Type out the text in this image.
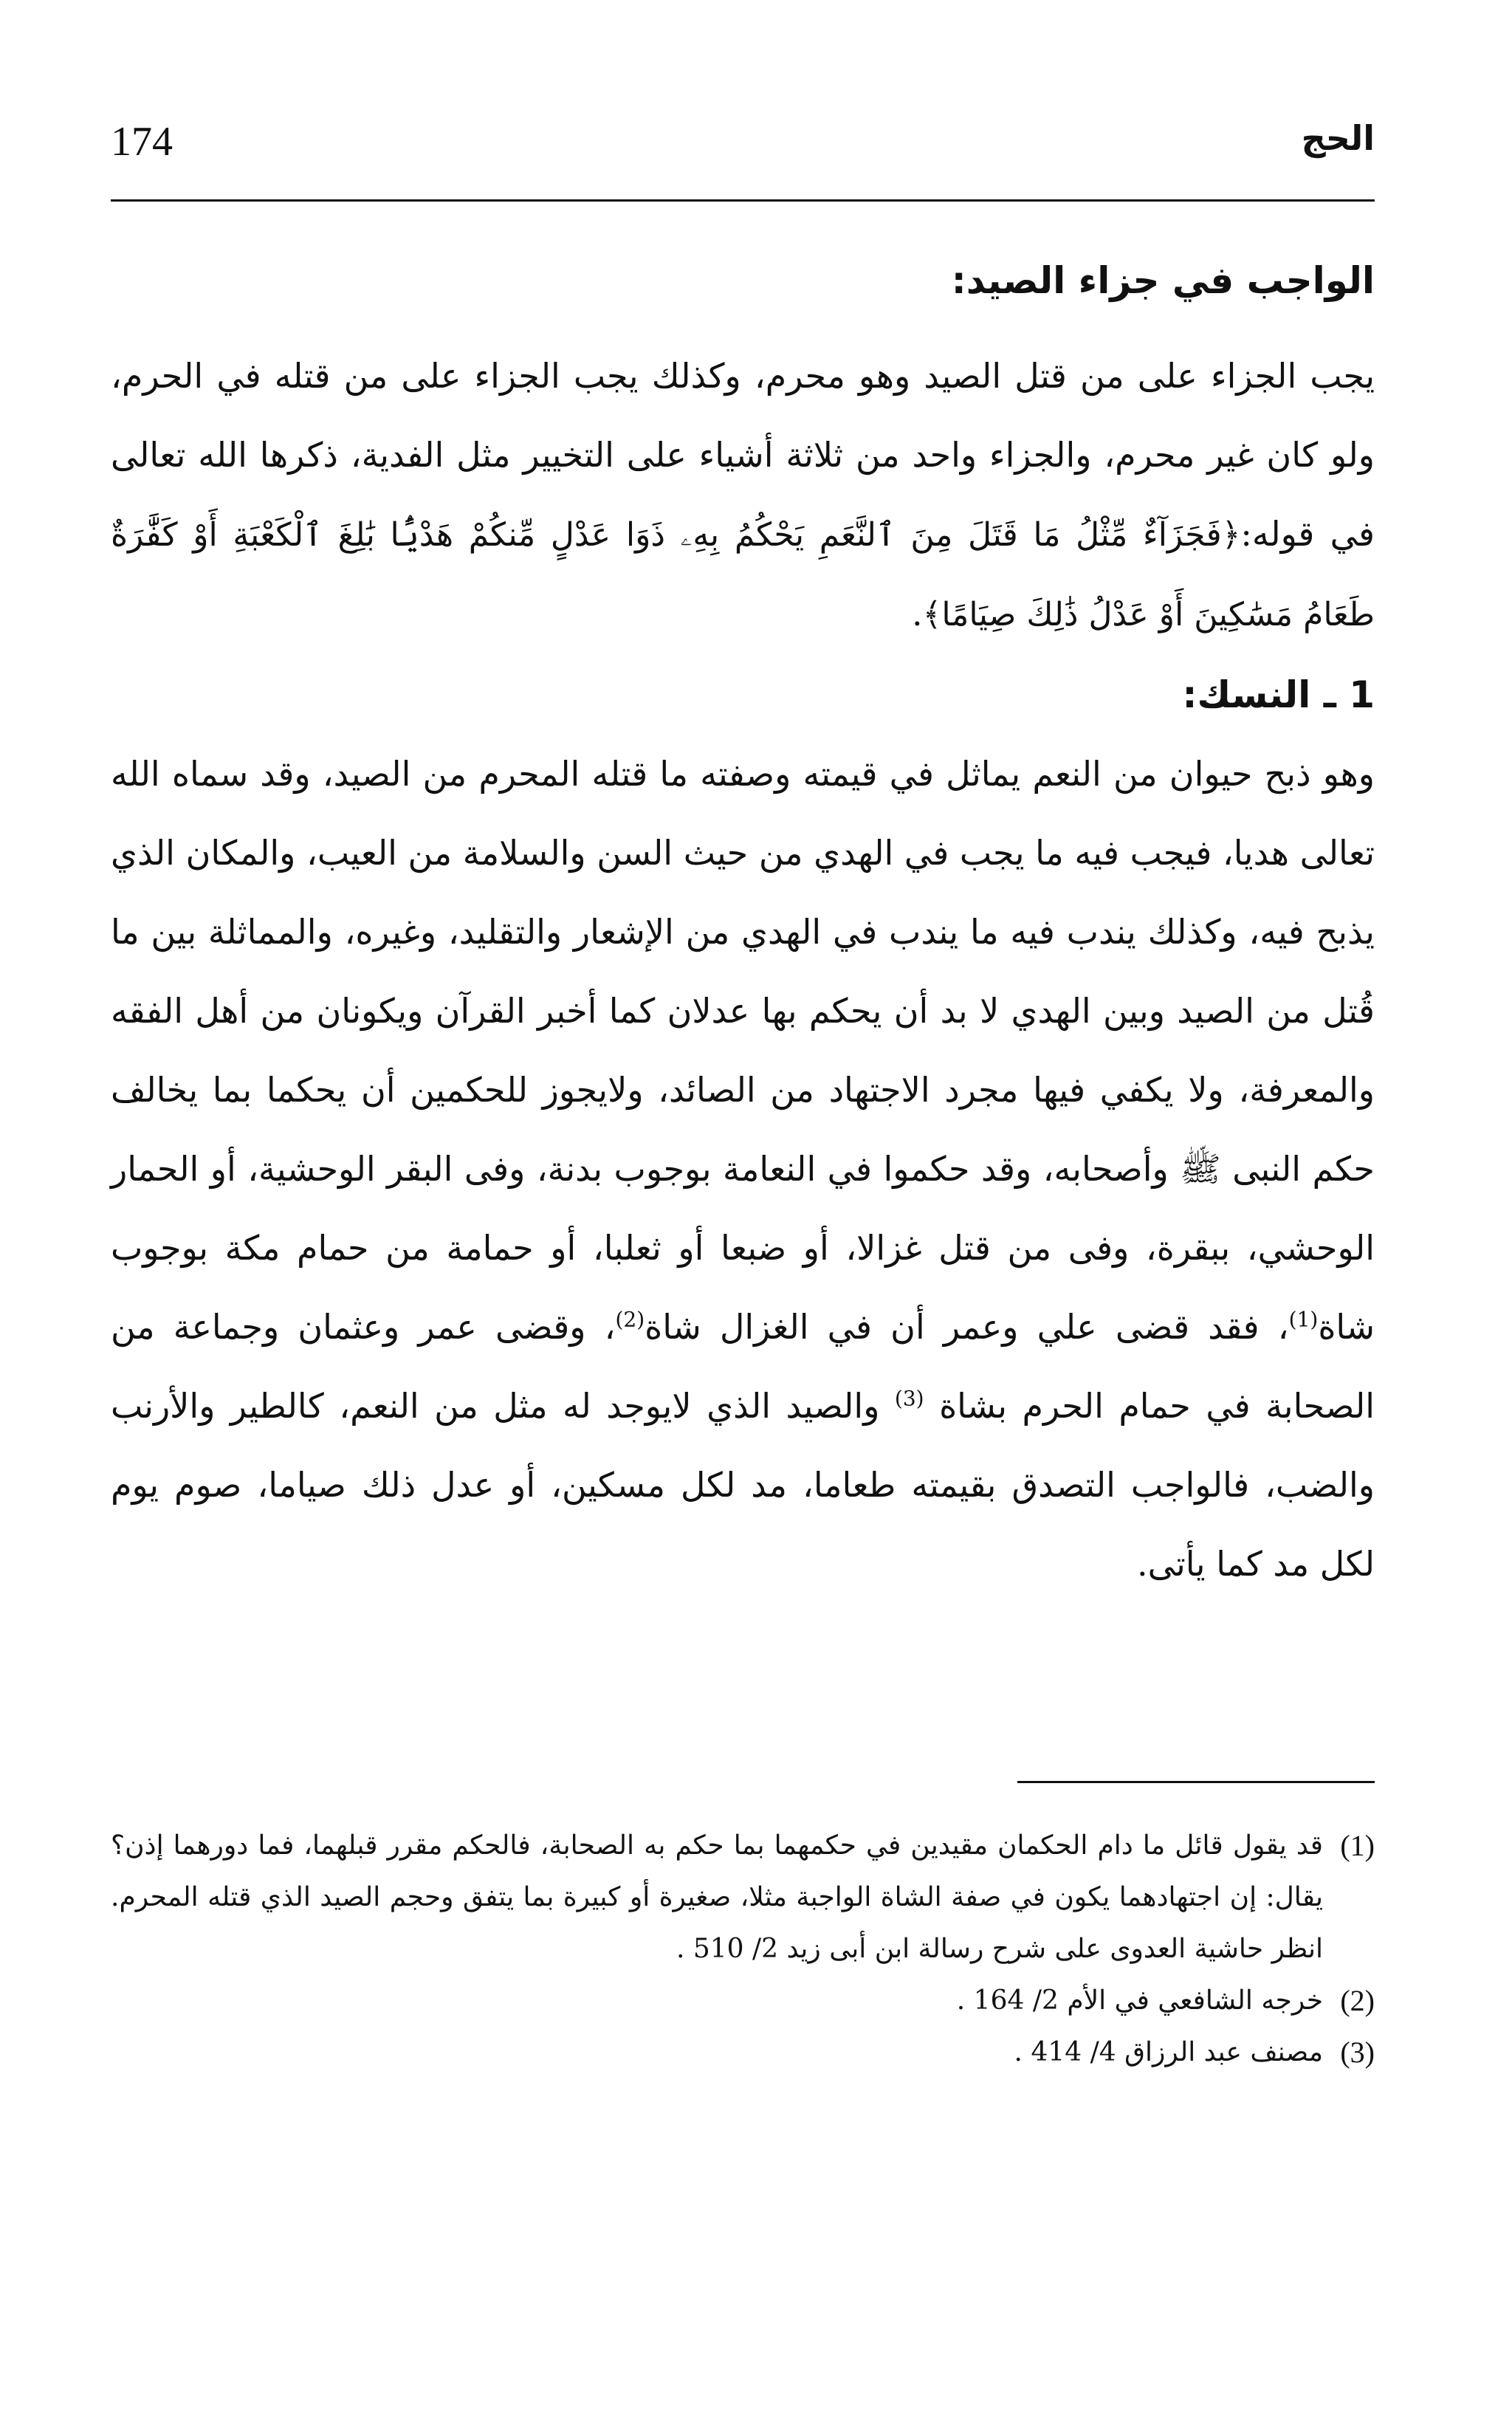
الحج
174
الواجب في جزاء الصيد:

يجب الجزاء على من قتل الصيد وهو محرم، وكذلك يجب الجزاء على من قتله في الحرم، ولو كان غير محرم، والجزاء واحد من ثلاثة أشياء على التخيير مثل الفدية، ذكرها الله تعالى في قوله:﴿فَجَزَآءٌ مِّثْلُ مَا قَتَلَ مِنَ ٱلنَّعَمِ يَحْكُمُ بِهِۦ ذَوَا عَدْلٍ مِّنكُمْ هَدْيًۢا بَٰلِغَ ٱلْكَعْبَةِ أَوْ كَفَّٰرَةٌ طَعَامُ مَسَٰكِينَ أَوْ عَدْلُ ذَٰلِكَ صِيَامًا﴾.

1 ـ النسك:

وهو ذبح حيوان من النعم يماثل في قيمته وصفته ما قتله المحرم من الصيد، وقد سماه الله تعالى هديا، فيجب فيه ما يجب في الهدي من حيث السن والسلامة من العيب، والمكان الذي يذبح فيه، وكذلك يندب فيه ما يندب في الهدي من الإشعار والتقليد، وغيره، والمماثلة بين ما قُتل من الصيد وبين الهدي لا بد أن يحكم بها عدلان كما أخبر القرآن ويكونان من أهل الفقه والمعرفة، ولا يكفي فيها مجرد الاجتهاد من الصائد، ولايجوز للحكمين أن يحكما بما يخالف حكم النبى ﷺ وأصحابه، وقد حكموا في النعامة بوجوب بدنة، وفى البقر الوحشية، أو الحمار الوحشي، ببقرة، وفى من قتل غزالا، أو ضبعا أو ثعلبا، أو حمامة من حمام مكة بوجوب شاة$^{(1)}$، فقد قضى علي وعمر أن في الغزال شاة$^{(2)}$، وقضى عمر وعثمان وجماعة من الصحابة في حمام الحرم بشاة $^{(3)}$ والصيد الذي لايوجد له مثل من النعم، كالطير والأرنب والضب، فالواجب التصدق بقيمته طعاما، مد لكل مسكين، أو عدل ذلك صياما، صوم يوم لكل مد كما يأتى.

(1)
قد يقول قائل ما دام الحكمان مقيدين في حكمهما بما حكم به الصحابة، فالحكم مقرر قبلهما، فما دورهما إذن؟ يقال: إن اجتهادهما يكون في صفة الشاة الواجبة مثلا، صغيرة أو كبيرة بما يتفق وحجم الصيد الذي قتله المحرم. انظر حاشية العدوى على شرح رسالة ابن أبى زيد 2/ 510 .
(2)
خرجه الشافعي في الأم 2/ 164 .
(3)
مصنف عبد الرزاق 4/ 414 .
